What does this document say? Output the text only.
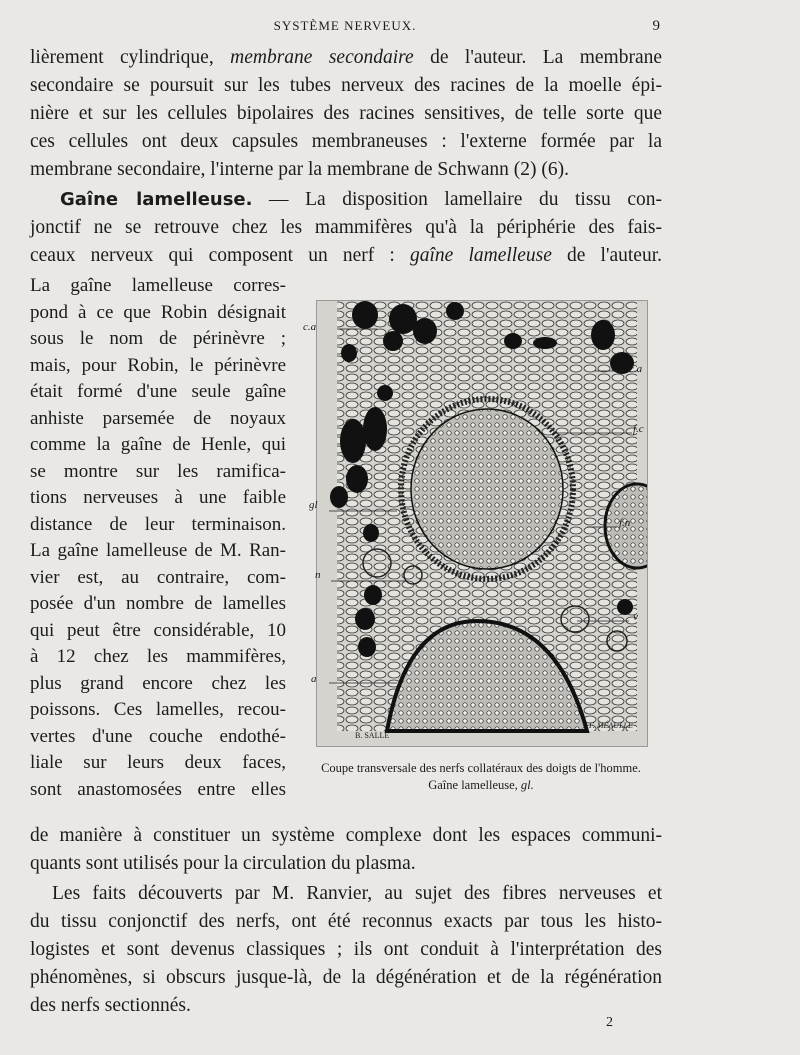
SYSTÈME NERVEUX.	9
lièrement cylindrique, membrane secondaire de l'auteur. La membrane
secondaire se poursuit sur les tubes nerveux des racines de la moelle épi-
nière et sur les cellules bipolaires des racines sensitives, de telle sorte que
ces cellules ont deux capsules membraneuses : l'externe formée par la
membrane secondaire, l'interne par la membrane de Schwann (2) (6).
Gaîne lamelleuse. — La disposition lamellaire du tissu con-
jonctif ne se retrouve chez les mammifères qu'à la périphérie des fais-
ceaux nerveux qui composent un nerf : gaîne lamelleuse de l'auteur.
La gaîne lamelleuse corres-
pond à ce que Robin désignait
sous le nom de périnèvre ;
mais, pour Robin, le périnèvre
était formé d'une seule gaîne
anhiste parsemée de noyaux
comme la gaîne de Henle, qui
se montre sur les ramifica-
tions nerveuses à une faible
distance de leur terminaison.
La gaîne lamelleuse de M. Ran-
vier est, au contraire, com-
posée d'un nombre de lamelles
qui peut être considérable, 10
à 12 chez les mammifères,
plus grand encore chez les
poissons. Ces lamelles, recou-
vertes d'une couche endothé-
liale sur leurs deux faces,
sont anastomosées entre elles
c.a
c.a
f.c
gl
f.n
n
v
a
B. SALLÉ
F. MÉAULLE
Coupe transversale des nerfs collatéraux des doigts de l'homme.
Gaîne lamelleuse, gl.
de manière à constituer un système complexe dont les espaces communi-
quants sont utilisés pour la circulation du plasma.
Les faits découverts par M. Ranvier, au sujet des fibres nerveuses et
du tissu conjonctif des nerfs, ont été reconnus exacts par tous les histo-
logistes et sont devenus classiques ; ils ont conduit à l'interprétation des
phénomènes, si obscurs jusque-là, de la dégénération et de la régénération
des nerfs sectionnés.
2
